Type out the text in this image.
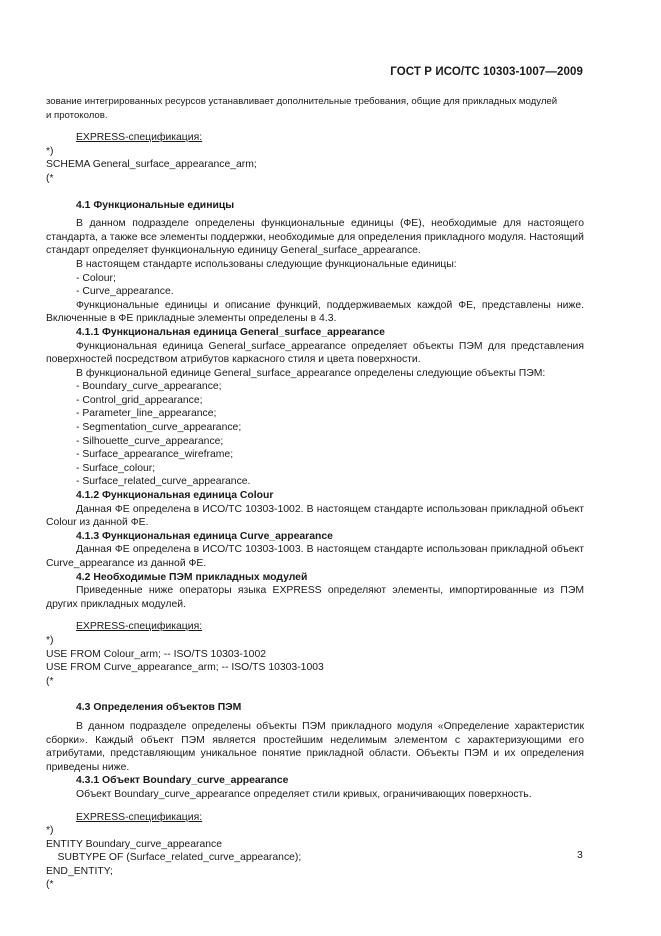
ГОСТ Р ИСО/ТС 10303-1007—2009

зование интегрированных ресурсов устанавливает дополнительные требования, общие для прикладных модулей

и протоколов.

EXPRESS-спецификация:

*)

SCHEMA General_surface_appearance_arm;

(*

4.1 Функциональные единицы

В данном подразделе определены функциональные единицы (ФЕ), необходимые для настоящего стандарта, а также все элементы поддержки, необходимые для определения прикладного модуля. Настоящий стандарт определяет функциональную единицу General_surface_appearance.

В настоящем стандарте использованы следующие функциональные единицы:

- Colour;

- Curve_appearance.

Функциональные единицы и описание функций, поддерживаемых каждой ФЕ, представлены ниже. Включенные в ФЕ прикладные элементы определены в 4.3.

4.1.1 Функциональная единица General_surface_appearance

Функциональная единица General_surface_appearance определяет объекты ПЭМ для представления поверхностей посредством атрибутов каркасного стиля и цвета поверхности.

В функциональной единице General_surface_appearance определены следующие объекты ПЭМ:

- Boundary_curve_appearance;

- Control_grid_appearance;

- Parameter_line_appearance;

- Segmentation_curve_appearance;

- Silhouette_curve_appearance;

- Surface_appearance_wireframe;

- Surface_colour;

- Surface_related_curve_appearance.

4.1.2 Функциональная единица Colour

Данная ФЕ определена в ИСО/ТС 10303-1002. В настоящем стандарте использован прикладной объект Colour из данной ФЕ.

4.1.3 Функциональная единица Curve_appearance

Данная ФЕ определена в ИСО/ТС 10303-1003. В настоящем стандарте использован прикладной объект Curve_appearance из данной ФЕ.

4.2 Необходимые ПЭМ прикладных модулей

Приведенные ниже операторы языка EXPRESS определяют элементы, импортированные из ПЭМ других прикладных модулей.

EXPRESS-спецификация:

*)

USE FROM Colour_arm; -- ISO/TS 10303-1002

USE FROM Curve_appearance_arm; -- ISO/TS 10303-1003

(*

4.3 Определения объектов ПЭМ

В данном подразделе определены объекты ПЭМ прикладного модуля «Определение характеристик сборки». Каждый объект ПЭМ является простейшим неделимым элементом с характеризующими его атрибутами, представляющим уникальное понятие прикладной области. Объекты ПЭМ и их определения приведены ниже.

4.3.1 Объект Boundary_curve_appearance

Объект Boundary_curve_appearance определяет стили кривых, ограничивающих поверхность.

EXPRESS-спецификация:

*)

ENTITY Boundary_curve_appearance

SUBTYPE OF (Surface_related_curve_appearance);

END_ENTITY;

(*

3
